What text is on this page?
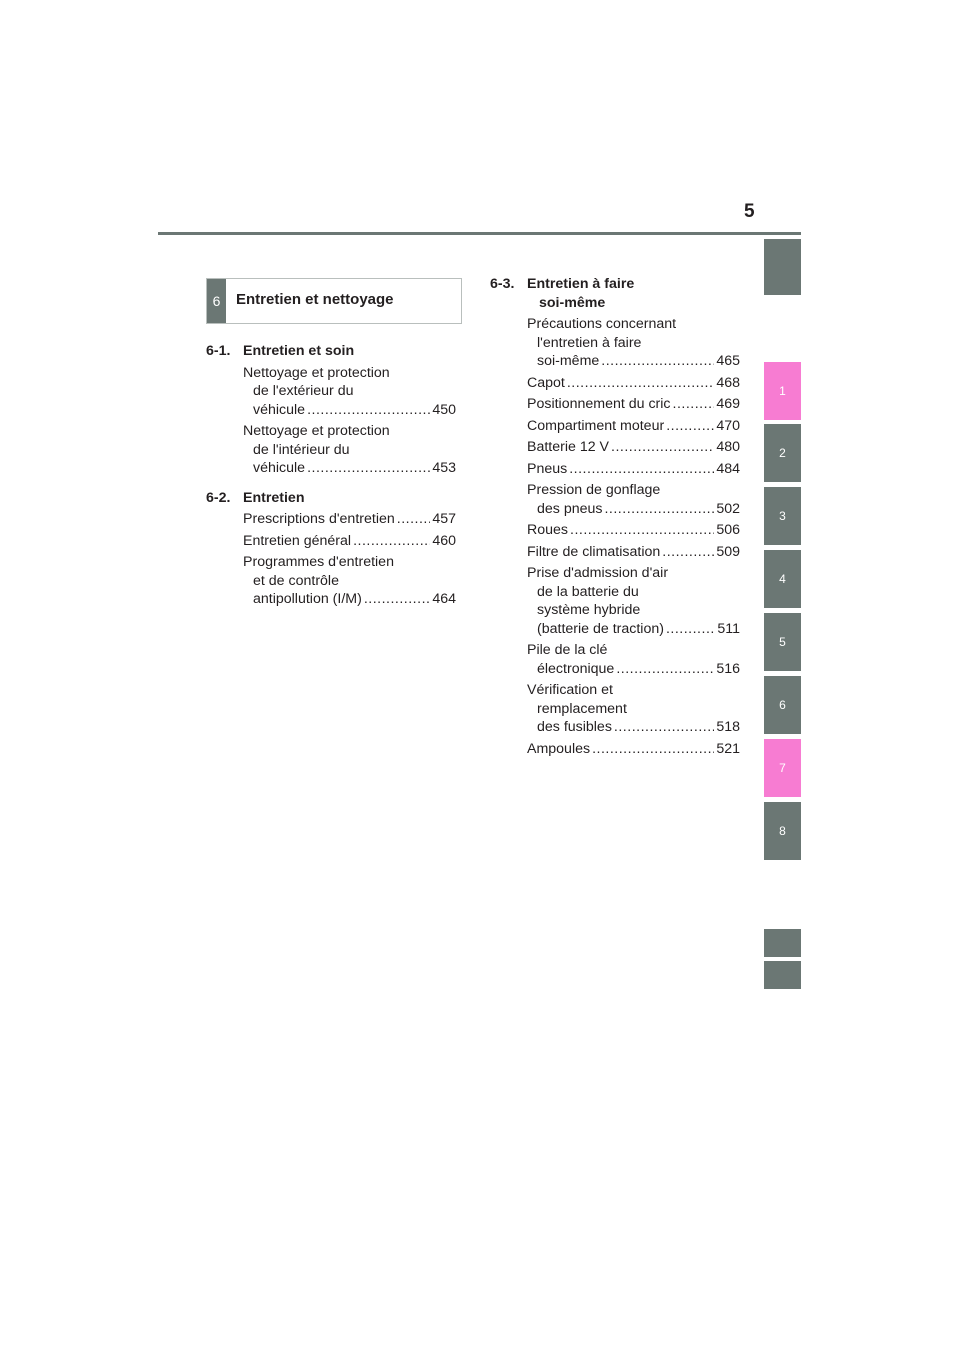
5
1
2
3
4
5
6
7
8
6	Entretien et nettoyage
6-1. Entretien et soin
Nettoyage et protection
de l'extérieur du
véhicule .....	450
Nettoyage et protection
de l'intérieur du
véhicule .....	453
6-2. Entretien
Prescriptions d'entretien .....	457
Entretien général .....	460
Programmes d'entretien
et de contrôle
antipollution (I/M) .....	464
6-3. Entretien à faire
soi-même
Précautions concernant
l'entretien à faire
soi-même .....	465
Capot .....	468
Positionnement du cric .....	469
Compartiment moteur .....	470
Batterie 12 V .....	480
Pneus .....	484
Pression de gonflage
des pneus .....	502
Roues .....	506
Filtre de climatisation .....	509
Prise d'admission d'air
de la batterie du
système hybride
(batterie de traction) .....	511
Pile de la clé
électronique .....	516
Vérification et
remplacement
des fusibles .....	518
Ampoules .....	521
